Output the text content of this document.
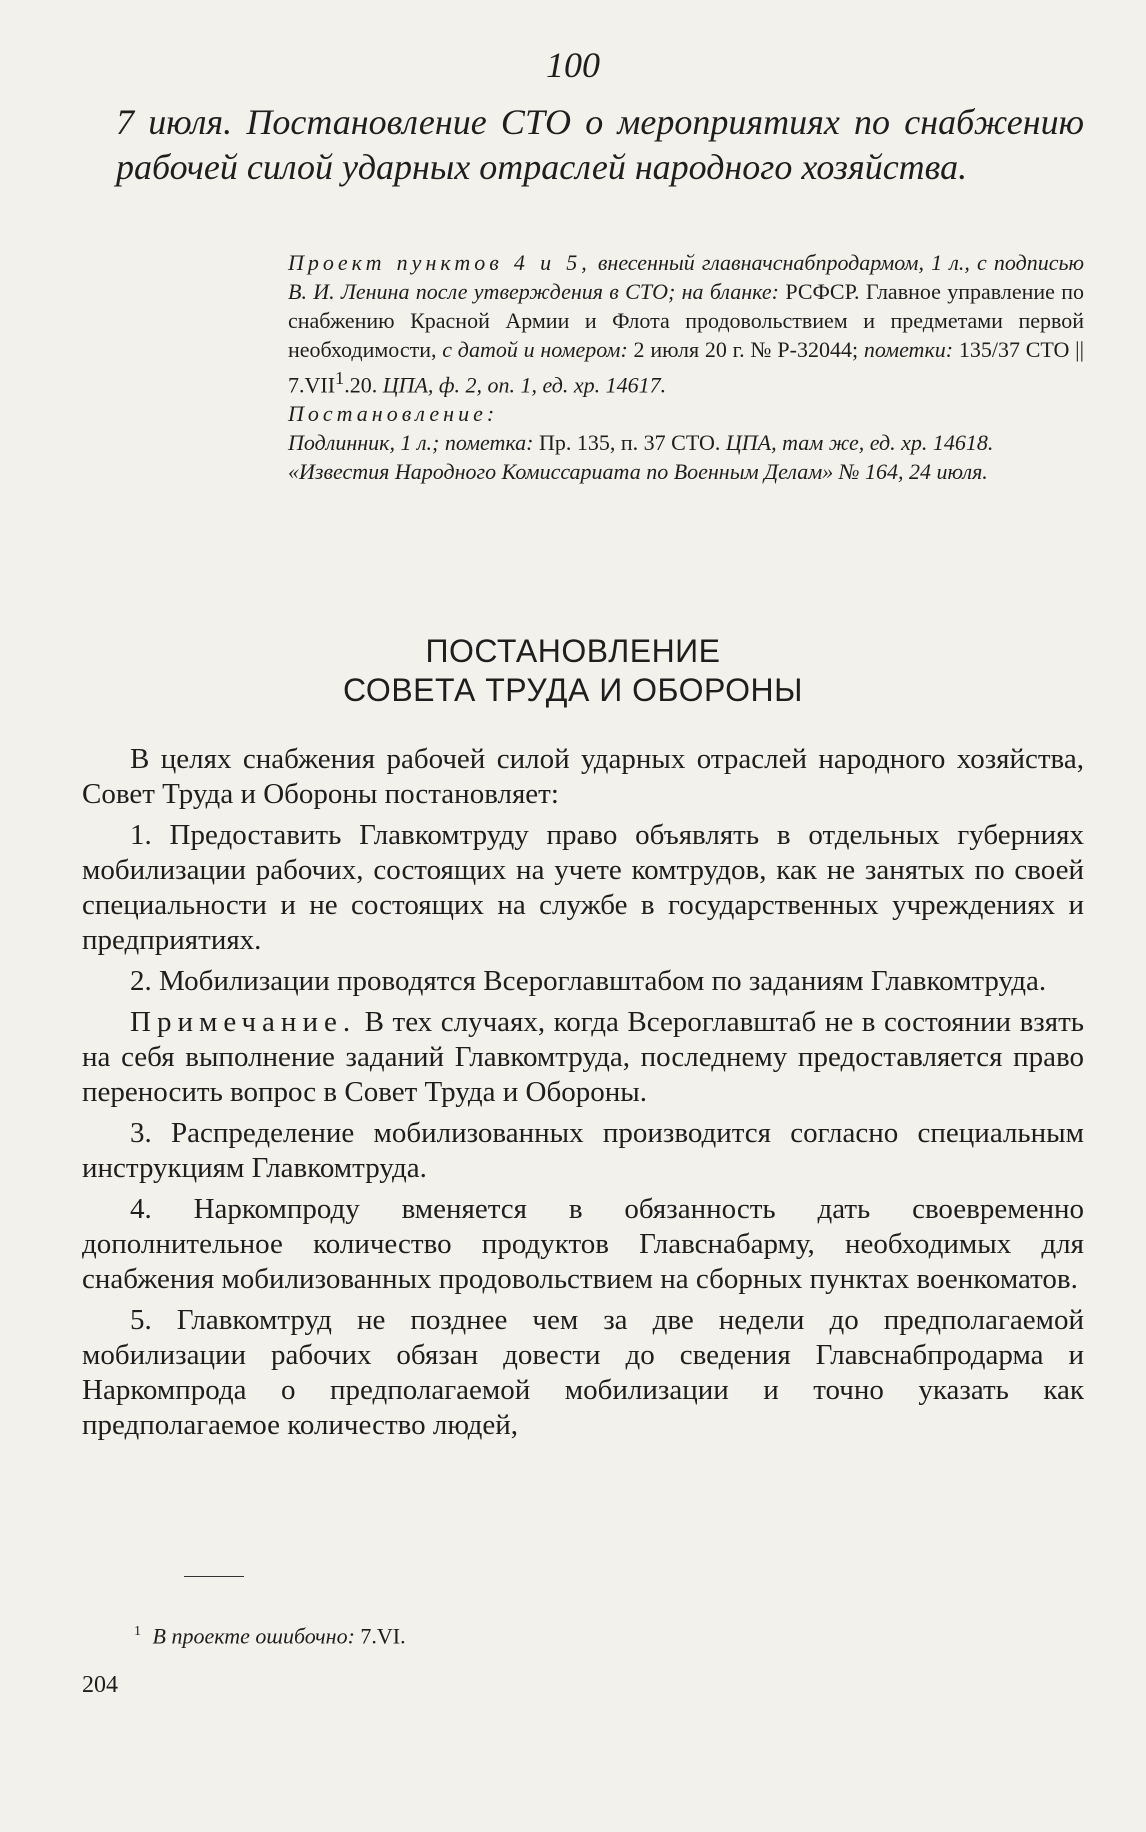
100
7 июля. Постановление СТО о мероприятиях по снабжению рабочей силой ударных отраслей народного хозяйства.

Проект пунктов 4 и 5, внесенный главначснабпродармом, 1 л., с подписью В. И. Ленина после утверждения в СТО; на бланке: РСФСР. Главное управление по снабжению Красной Армии и Флота продовольствием и предметами первой необходимости, с датой и номером: 2 июля 20 г. № Р-32044; пометки: 135/37 СТО || 7.VII$^1$.20. ЦПА, ф. 2, оп. 1, ед. хр. 14617.

Постановление:

Подлинник, 1 л.; пометка: Пр. 135, п. 37 СТО. ЦПА, там же, ед. хр. 14618.

«Известия Народного Комиссариата по Военным Делам» № 164, 24 июля.

ПОСТАНОВЛЕНИЕ
СОВЕТА ТРУДА И ОБОРОНЫ

В целях снабжения рабочей силой ударных отраслей народного хозяйства, Совет Труда и Обороны постановляет:

1. Предоставить Главкомтруду право объявлять в отдельных губерниях мобилизации рабочих, состоящих на учете комтрудов, как не занятых по своей специальности и не состоящих на службе в государственных учреждениях и предприятиях.

2. Мобилизации проводятся Всероглавштабом по заданиям Главкомтруда.

Примечание. В тех случаях, когда Всероглавштаб не в состоянии взять на себя выполнение заданий Главкомтруда, последнему предоставляется право переносить вопрос в Совет Труда и Обороны.

3. Распределение мобилизованных производится согласно специальным инструкциям Главкомтруда.

4. Наркомпроду вменяется в обязанность дать своевременно дополнительное количество продуктов Главснабарму, необходимых для снабжения мобилизованных продовольствием на сборных пунктах военкоматов.

5. Главкомтруд не позднее чем за две недели до предполагаемой мобилизации рабочих обязан довести до сведения Главснабпродарма и Наркомпрода о предполагаемой мобилизации и точно указать как предполагаемое количество людей,

$^1$ В проекте ошибочно: 7.VI.
204
